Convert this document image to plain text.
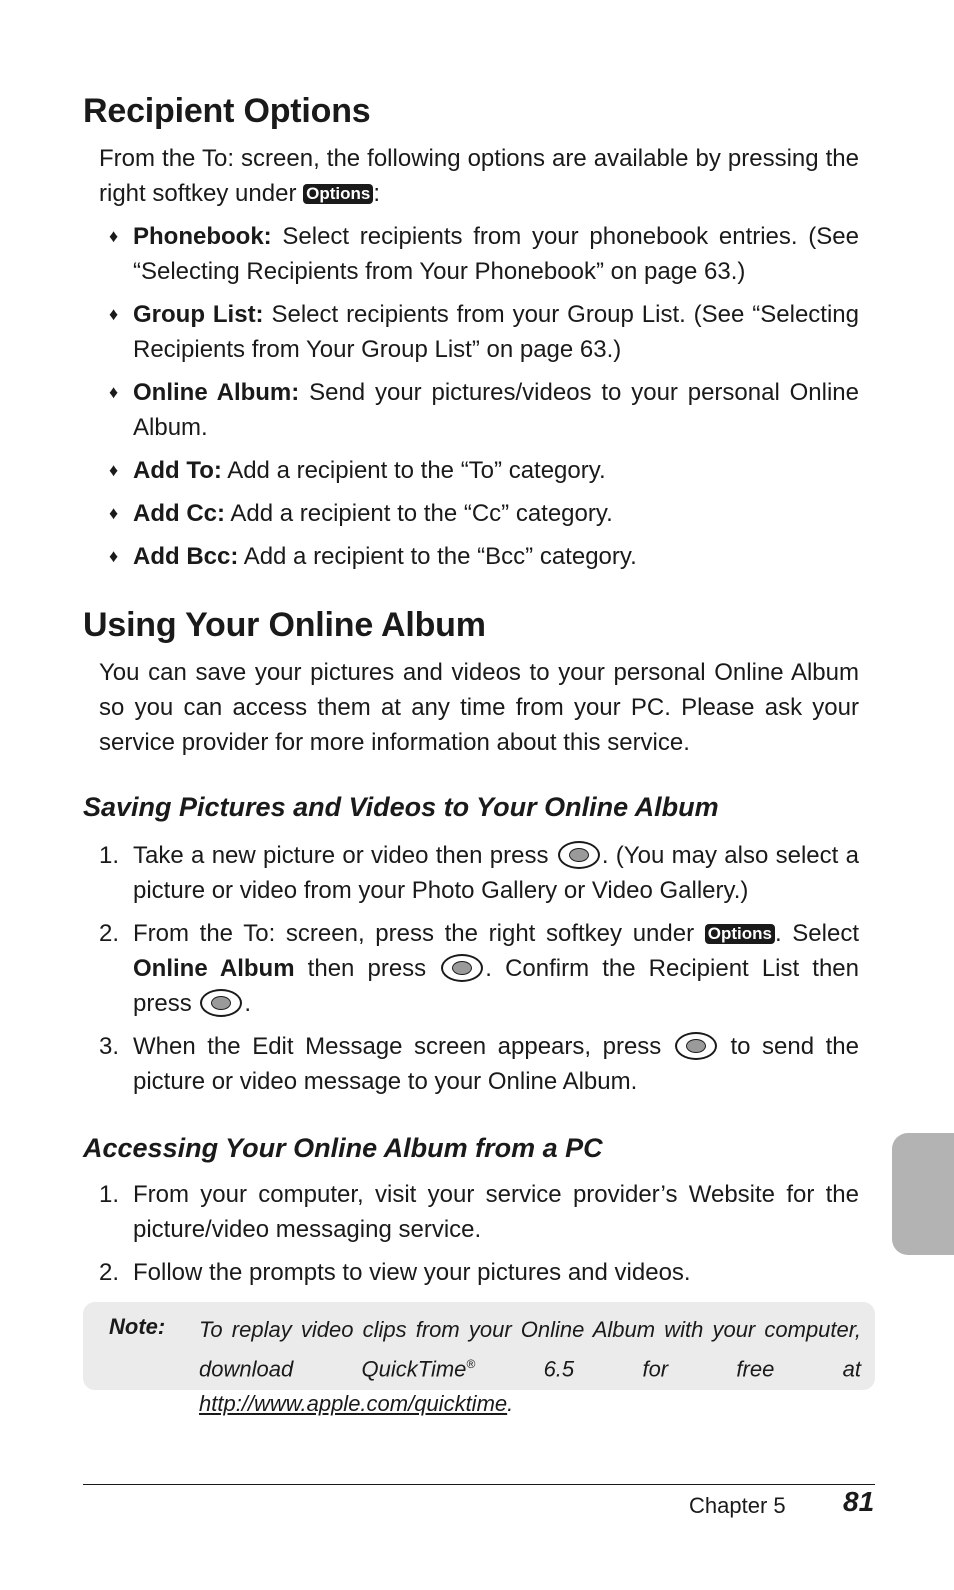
Recipient Options
From the To: screen, the following options are available by pressing the right softkey under Options :
♦ Phonebook: Select recipients from your phonebook entries. (See “Selecting Recipients from Your Phonebook” on page 63.)
♦ Group List: Select recipients from your Group List. (See “Selecting Recipients from Your Group List” on page 63.)
♦ Online Album: Send your pictures/videos to your personal Online Album.
♦ Add To: Add a recipient to the “To” category.
♦ Add Cc: Add a recipient to the “Cc” category.
♦ Add Bcc: Add a recipient to the “Bcc” category.
Using Your Online Album
You can save your pictures and videos to your personal Online Album so you can access them at any time from your PC. Please ask your service provider for more information about this service.
Saving Pictures and Videos to Your Online Album
1. Take a new picture or video then press . (You may also select a picture or video from your Photo Gallery or Video Gallery.)
2. From the To: screen, press the right softkey under Options . Select Online Album then press . Confirm the Recipient List then press .
3. When the Edit Message screen appears, press  to send the picture or video message to your Online Album.
Accessing Your Online Album from a PC
1. From your computer, visit your service provider’s Website for the picture/video messaging service.
2. Follow the prompts to view your pictures and videos.
Note: To replay video clips from your Online Album with your computer, download QuickTime® 6.5 for free at http://www.apple.com/quicktime.
Chapter 5 81
